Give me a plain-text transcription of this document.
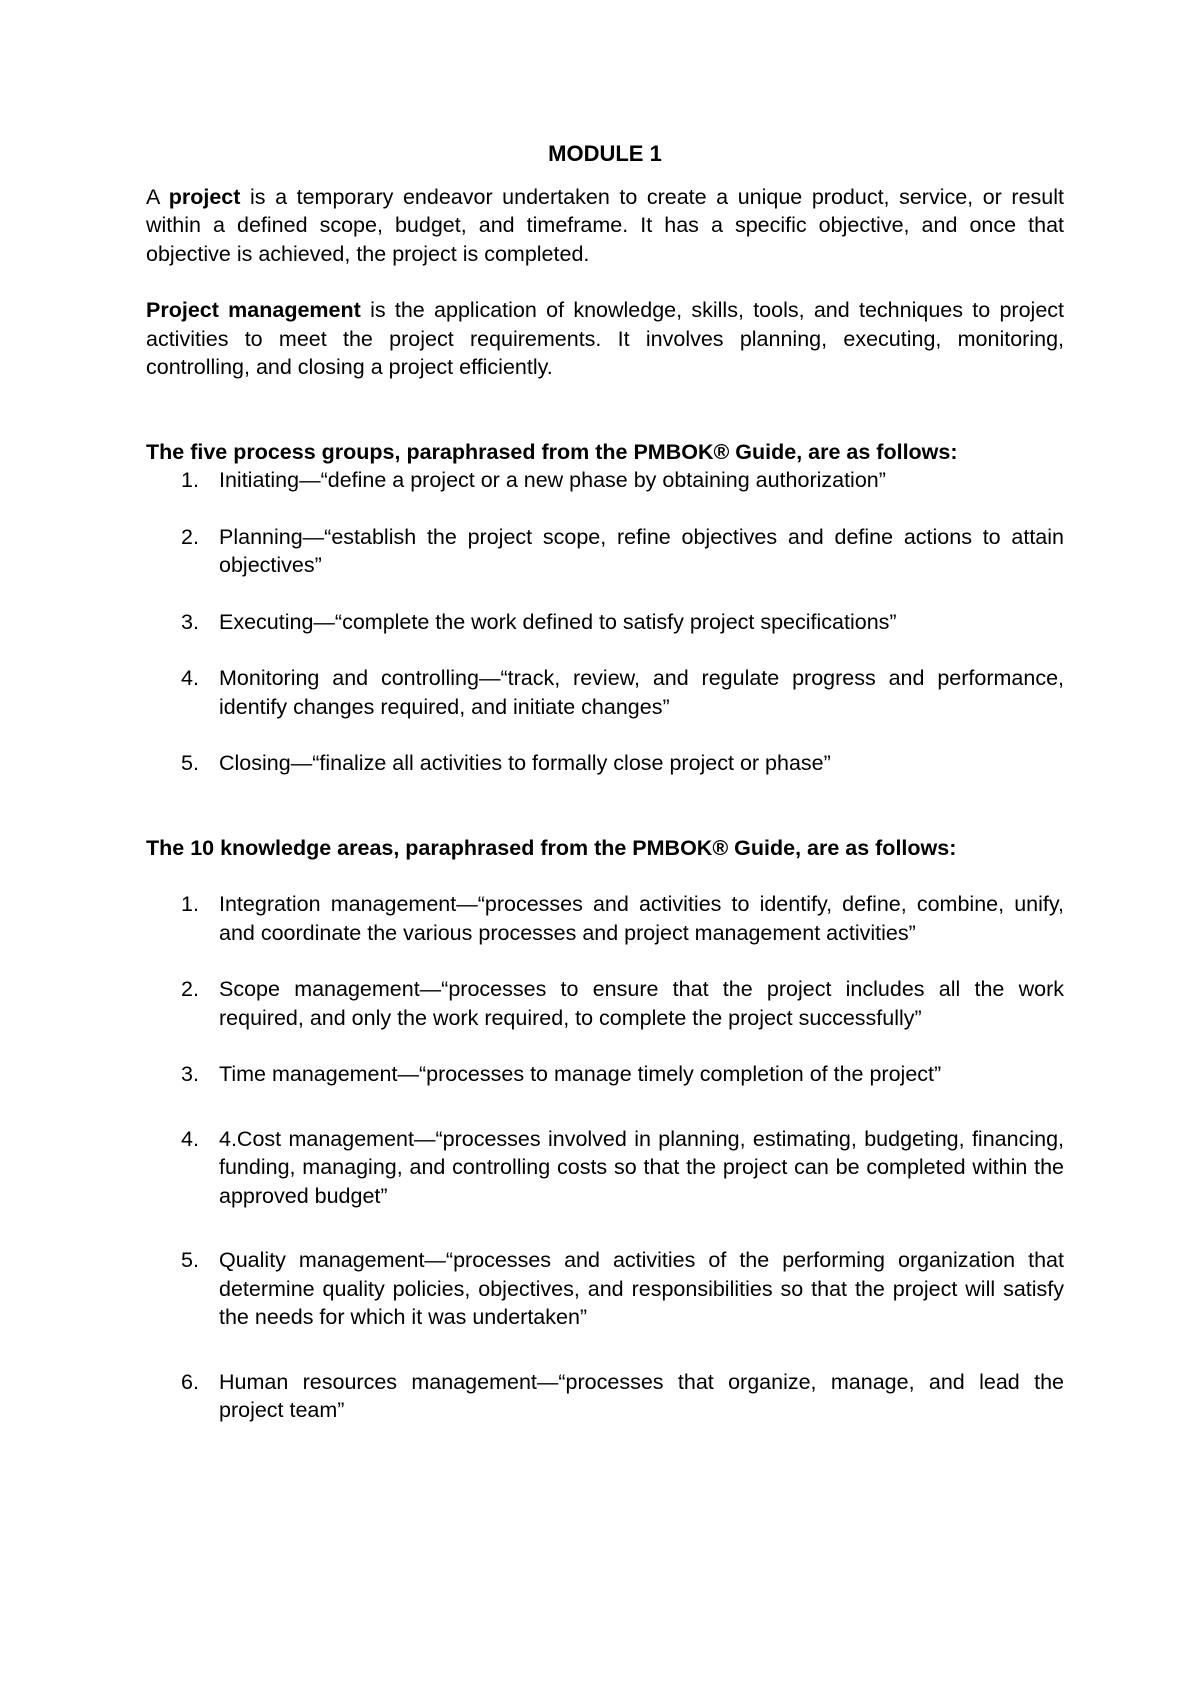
MODULE 1

A project is a temporary endeavor undertaken to create a unique product, service, or result within a defined scope, budget, and timeframe. It has a specific objective, and once that objective is achieved, the project is completed.

Project management is the application of knowledge, skills, tools, and techniques to project activities to meet the project requirements. It involves planning, executing, monitoring, controlling, and closing a project efficiently.

The five process groups, paraphrased from the PMBOK® Guide, are as follows:

1. Initiating—“define a project or a new phase by obtaining authorization”
2. Planning—“establish the project scope, refine objectives and define actions to attain objectives”
3. Executing—“complete the work defined to satisfy project specifications”
4. Monitoring and controlling—“track, review, and regulate progress and performance, identify changes required, and initiate changes”
5. Closing—“finalize all activities to formally close project or phase”

The 10 knowledge areas, paraphrased from the PMBOK® Guide, are as follows:

1. Integration management—“processes and activities to identify, define, combine, unify, and coordinate the various processes and project management activities”
2. Scope management—“processes to ensure that the project includes all the work required, and only the work required, to complete the project successfully”
3. Time management—“processes to manage timely completion of the project”
4. 4.Cost management—“processes involved in planning, estimating, budgeting, financing, funding, managing, and controlling costs so that the project can be completed within the approved budget”
5. Quality management—“processes and activities of the performing organization that determine quality policies, objectives, and responsibilities so that the project will satisfy the needs for which it was undertaken”
6. Human resources management—“processes that organize, manage, and lead the project team”
